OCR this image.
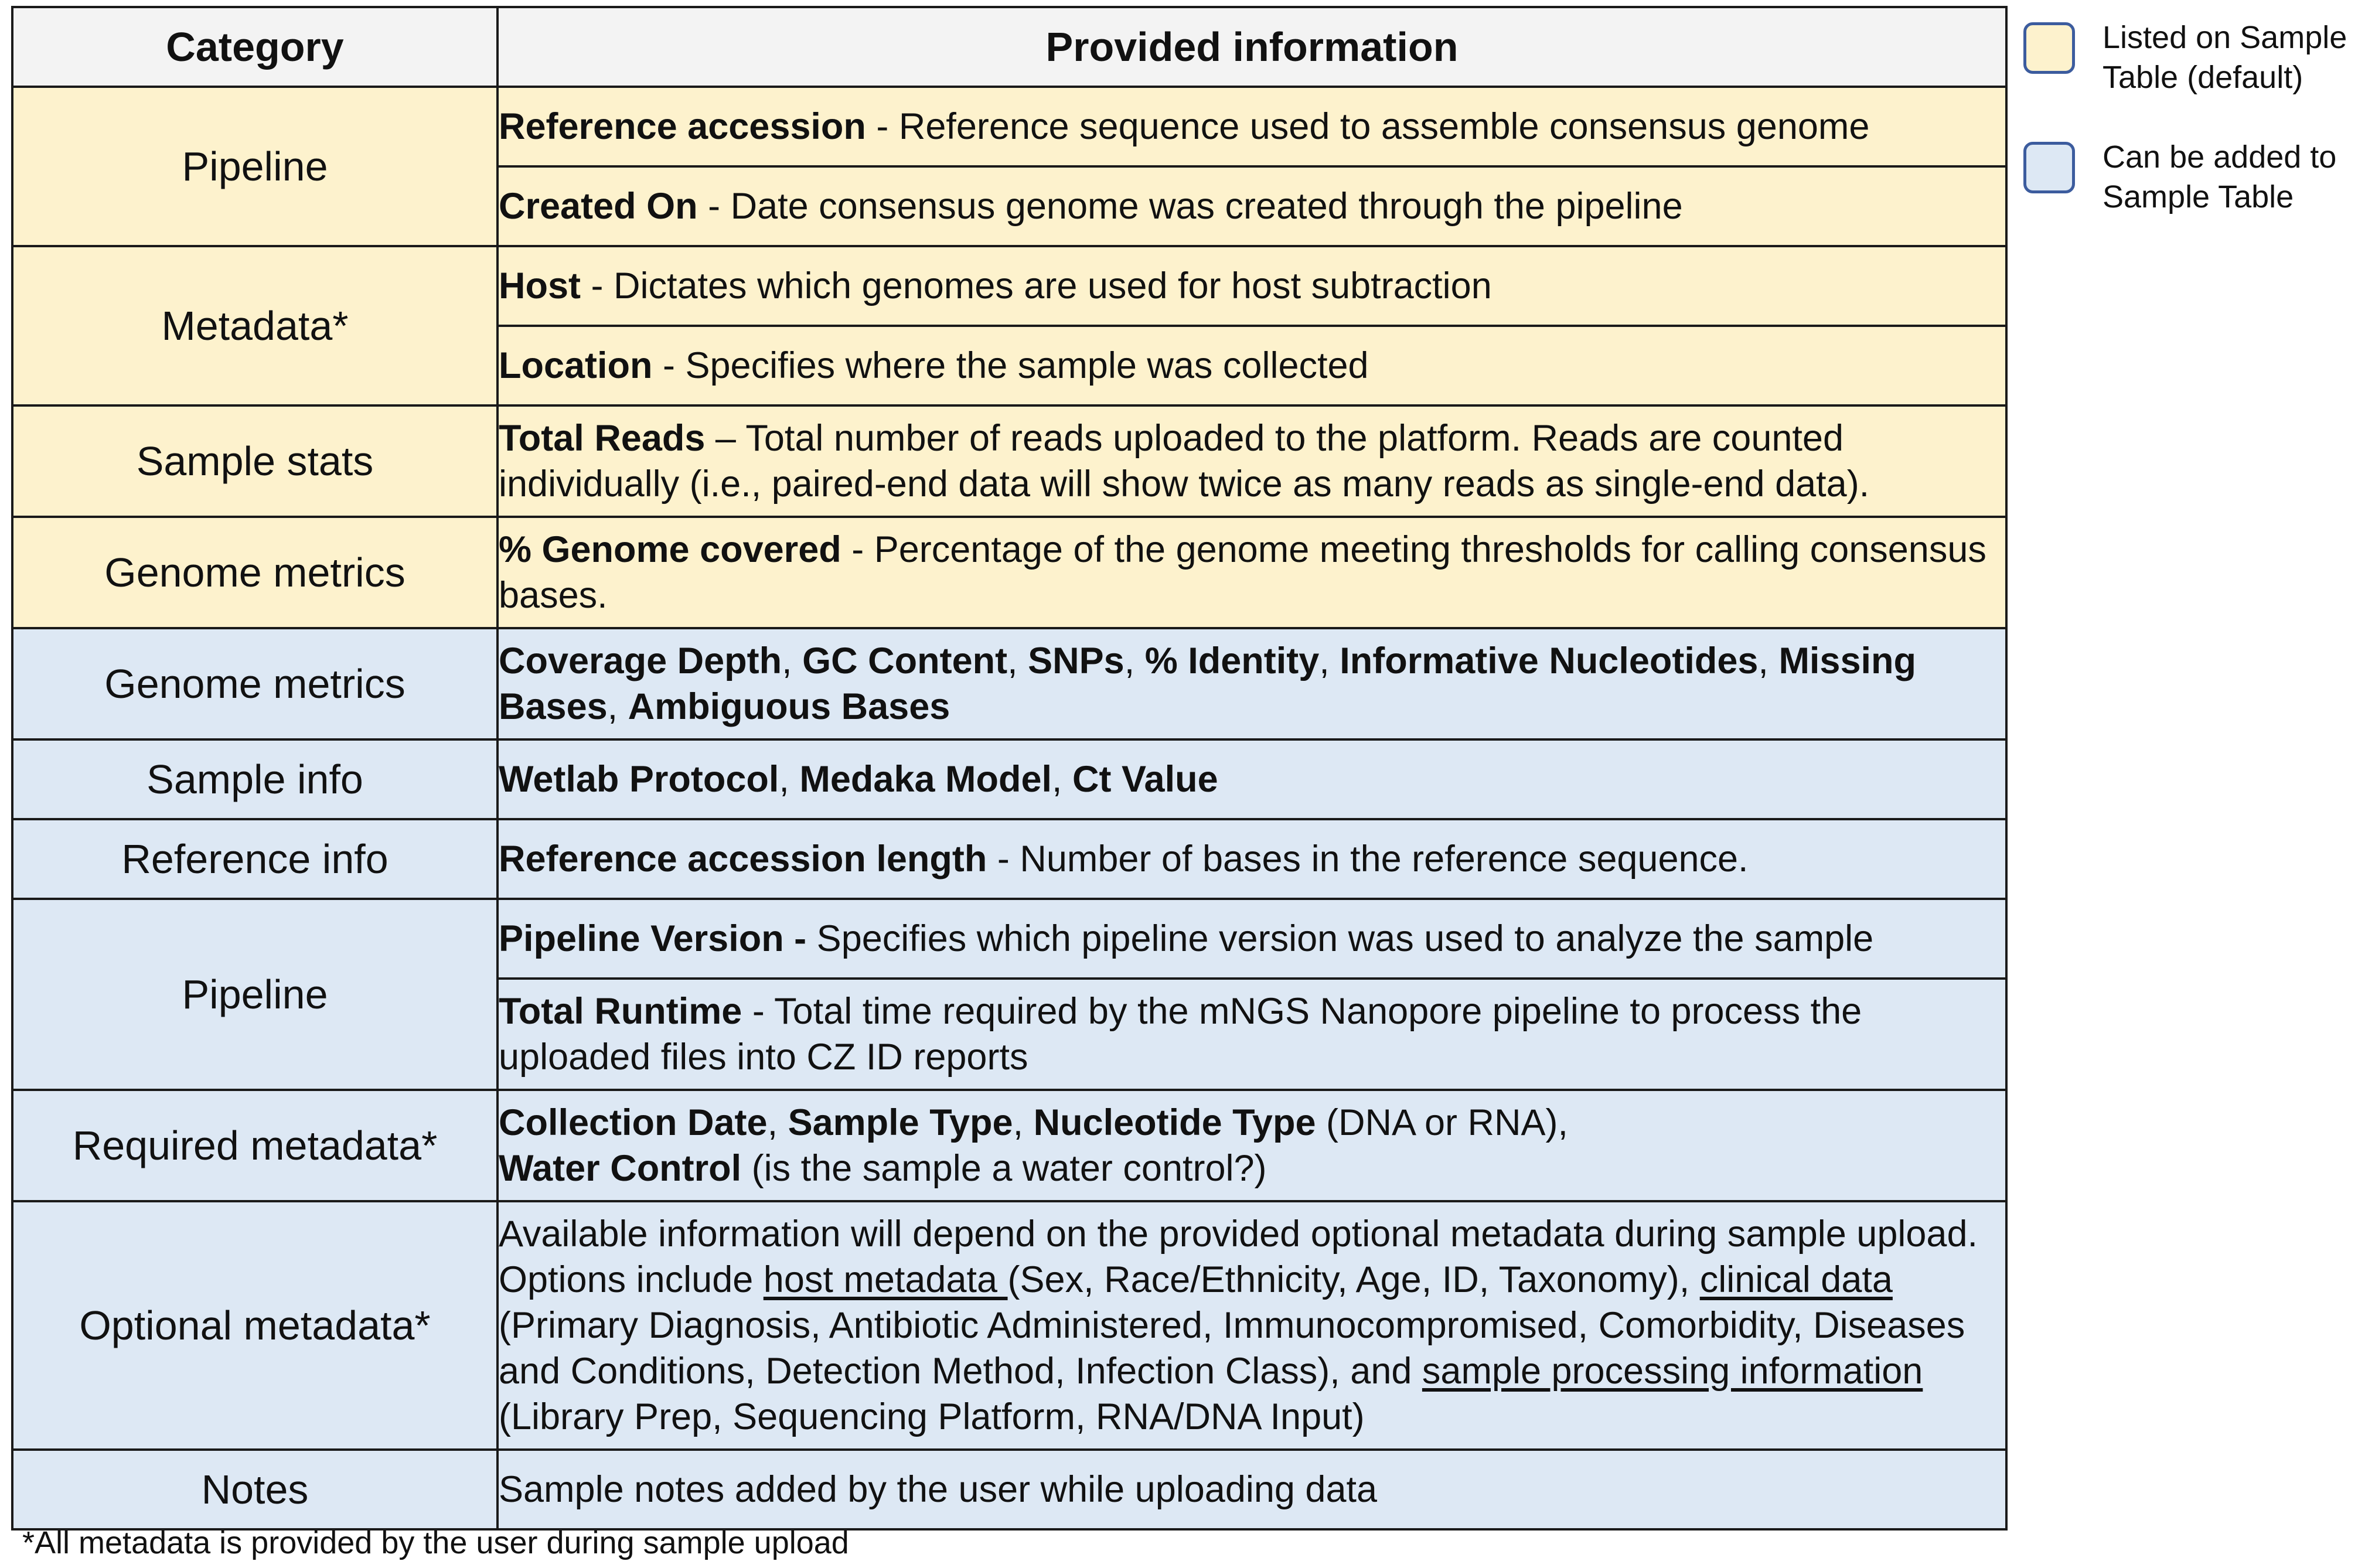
Category	Provided information
Pipeline	Reference accession - Reference sequence used to assemble consensus genome
	Created On - Date consensus genome was created through the pipeline
Metadata*	Host - Dictates which genomes are used for host subtraction
	Location - Specifies where the sample was collected
Sample stats	Total Reads – Total number of reads uploaded to the platform. Reads are counted individually (i.e., paired-end data will show twice as many reads as single-end data).
Genome metrics	% Genome covered - Percentage of the genome meeting thresholds for calling consensus bases.
Genome metrics	Coverage Depth, GC Content, SNPs, % Identity, Informative Nucleotides, Missing Bases, Ambiguous Bases
Sample info	Wetlab Protocol, Medaka Model, Ct Value
Reference info	Reference accession length - Number of bases in the reference sequence.
Pipeline	Pipeline Version - Specifies which pipeline version was used to analyze the sample
	Total Runtime - Total time required by the mNGS Nanopore pipeline to process the uploaded files into CZ ID reports
Required metadata*	Collection Date, Sample Type, Nucleotide Type (DNA or RNA),
Water Control (is the sample a water control?)
Optional metadata*	Available information will depend on the provided optional metadata during sample upload. Options include host metadata (Sex, Race/Ethnicity, Age, ID, Taxonomy), clinical data (Primary Diagnosis, Antibiotic Administered, Immunocompromised, Comorbidity, Diseases and Conditions, Detection Method, Infection Class), and sample processing information (Library Prep, Sequencing Platform, RNA/DNA Input)
Notes	Sample notes added by the user while uploading data
Listed on Sample Table (default)
Can be added to Sample Table
*All metadata is provided by the user during sample upload
